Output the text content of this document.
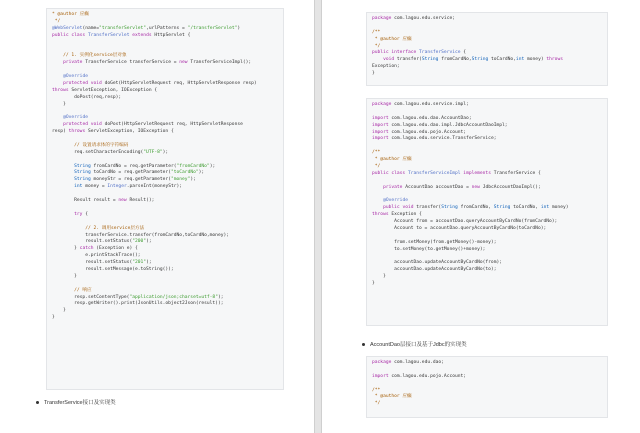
* @author 应癫
*/
@WebServlet(name="transferServlet",urlPatterns = "/transferServlet")
public class TransferServlet extends HttpServlet {
// 1. 实例化service层对象
private TransferService transferService = new TransferServiceImpl();
@Override
protected void doGet(HttpServletRequest req, HttpServletResponse resp)
throws ServletException, IOException {
doPost(req,resp);
}
@Override
protected void doPost(HttpServletRequest req, HttpServletResponse
resp) throws ServletException, IOException {
// 设置请求体的字符编码
req.setCharacterEncoding("UTF-8");
String fromCardNo = req.getParameter("fromCardNo");
String toCardNo = req.getParameter("toCardNo");
String moneyStr = req.getParameter("money");
int money = Integer.parseInt(moneyStr);
Result result = new Result();
try {
// 2. 调用service层方法
transferService.transfer(fromCardNo,toCardNo,money);
result.setStatus("200");
} catch (Exception e) {
e.printStackTrace();
result.setStatus("201");
result.setMessage(e.toString());
}
// 响应
resp.setContentType("application/json;charset=utf-8");
resp.getWriter().print(JsonUtils.object2Json(result));
}
}
TransferService接口及实现类
package com.lagou.edu.service;
/**
* @author 应癫
*/
public interface TransferService {
void transfer(String fromCardNo,String toCardNo,int money) throws
Exception;
}
package com.lagou.edu.service.impl;
import com.lagou.edu.dao.AccountDao;
import com.lagou.edu.dao.impl.JdbcAccountDaoImpl;
import com.lagou.edu.pojo.Account;
import com.lagou.edu.service.TransferService;
/**
* @author 应癫
*/
public class TransferServiceImpl implements TransferService {
private AccountDao accountDao = new JdbcAccountDaoImpl();
@Override
public void transfer(String fromCardNo, String toCardNo, int money)
throws Exception {
Account from = accountDao.queryAccountByCardNo(fromCardNo);
Account to = accountDao.queryAccountByCardNo(toCardNo);
from.setMoney(from.getMoney()-money);
to.setMoney(to.getMoney()+money);
accountDao.updateAccountByCardNo(from);
accountDao.updateAccountByCardNo(to);
}
}
AccountDao层接口及基于Jdbc的实现类
package com.lagou.edu.dao;
import com.lagou.edu.pojo.Account;
/**
* @author 应癫
*/
